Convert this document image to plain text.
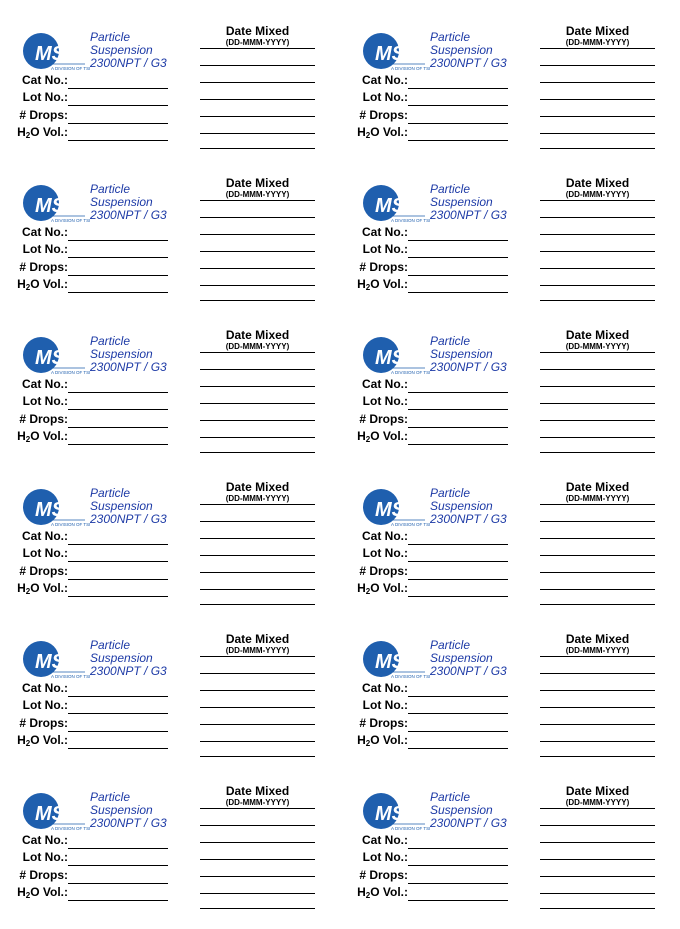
MSP
A DIVISION OF TSI
Particle
Suspension
2300NPT / G3
Cat No.:
Lot No.:
# Drops:
$H_2O$ Vol.:
Date Mixed
(DD-MMM-YYYY)
MSP
A DIVISION OF TSI
Particle
Suspension
2300NPT / G3
Cat No.:
Lot No.:
# Drops:
$H_2O$ Vol.:
Date Mixed
(DD-MMM-YYYY)
MSP
A DIVISION OF TSI
Particle
Suspension
2300NPT / G3
Cat No.:
Lot No.:
# Drops:
$H_2O$ Vol.:
Date Mixed
(DD-MMM-YYYY)
MSP
A DIVISION OF TSI
Particle
Suspension
2300NPT / G3
Cat No.:
Lot No.:
# Drops:
$H_2O$ Vol.:
Date Mixed
(DD-MMM-YYYY)
MSP
A DIVISION OF TSI
Particle
Suspension
2300NPT / G3
Cat No.:
Lot No.:
# Drops:
$H_2O$ Vol.:
Date Mixed
(DD-MMM-YYYY)
MSP
A DIVISION OF TSI
Particle
Suspension
2300NPT / G3
Cat No.:
Lot No.:
# Drops:
$H_2O$ Vol.:
Date Mixed
(DD-MMM-YYYY)
MSP
A DIVISION OF TSI
Particle
Suspension
2300NPT / G3
Cat No.:
Lot No.:
# Drops:
$H_2O$ Vol.:
Date Mixed
(DD-MMM-YYYY)
MSP
A DIVISION OF TSI
Particle
Suspension
2300NPT / G3
Cat No.:
Lot No.:
# Drops:
$H_2O$ Vol.:
Date Mixed
(DD-MMM-YYYY)
MSP
A DIVISION OF TSI
Particle
Suspension
2300NPT / G3
Cat No.:
Lot No.:
# Drops:
$H_2O$ Vol.:
Date Mixed
(DD-MMM-YYYY)
MSP
A DIVISION OF TSI
Particle
Suspension
2300NPT / G3
Cat No.:
Lot No.:
# Drops:
$H_2O$ Vol.:
Date Mixed
(DD-MMM-YYYY)
MSP
A DIVISION OF TSI
Particle
Suspension
2300NPT / G3
Cat No.:
Lot No.:
# Drops:
$H_2O$ Vol.:
Date Mixed
(DD-MMM-YYYY)
MSP
A DIVISION OF TSI
Particle
Suspension
2300NPT / G3
Cat No.:
Lot No.:
# Drops:
$H_2O$ Vol.:
Date Mixed
(DD-MMM-YYYY)
